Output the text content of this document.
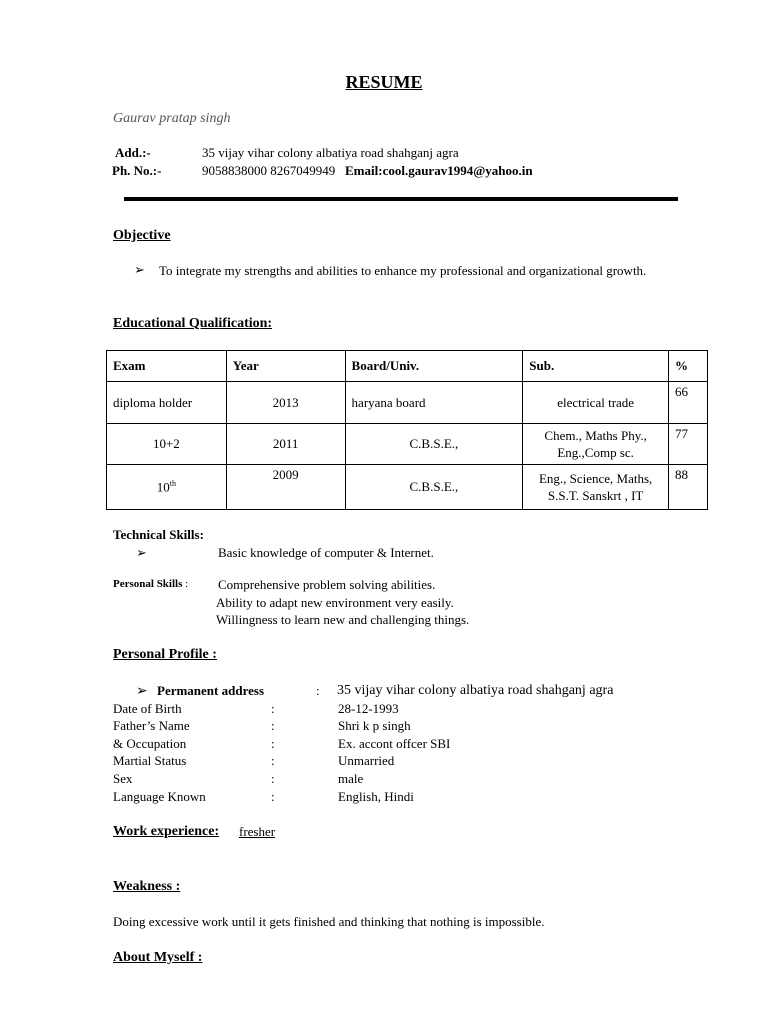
RESUME
Gaurav pratap singh
Add.:-	35 vijay vihar colony albatiya road shahganj agra
Ph. No.:-	9058838000 8267049949 Email:cool.gaurav1994@yahoo.in
Objective
➢ To integrate my strengths and abilities to enhance my professional and organizational growth.
Educational Qualification:
Exam	Year	Board/Univ.	Sub.	%
diploma holder	2013	haryana board	electrical trade	66
10+2	2011	C.B.S.E.,	Chem., Maths Phy., Eng.,Comp sc.	77
10th	2009	C.B.S.E.,	Eng., Science, Maths, S.S.T. Sanskrt , IT	88
Technical Skills:
➢	Basic knowledge of computer & Internet.
Personal Skills : Comprehensive problem solving abilities.
Ability to adapt new environment very easily.
Willingness to learn new and challenging things.
Personal Profile :
➢ Permanent address	: 35 vijay vihar colony albatiya road shahganj agra
Date of Birth	:	28-12-1993
Father’s Name	:	Shri k p singh
& Occupation	:	Ex. accont offcer SBI
Martial Status	:	Unmarried
Sex	:	male
Language Known	:	English, Hindi
Work experience: fresher
Weakness :
Doing excessive work until it gets finished and thinking that nothing is impossible.
About Myself :
